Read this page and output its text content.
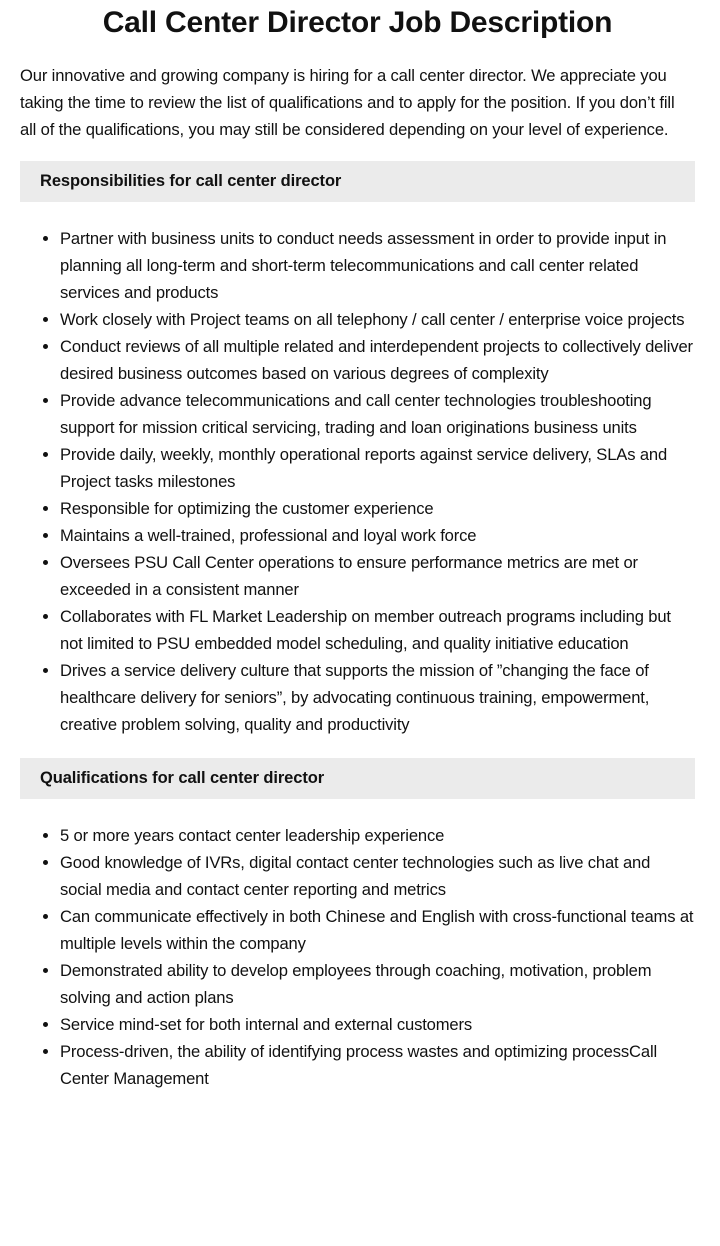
Call Center Director Job Description

Our innovative and growing company is hiring for a call center director. We appreciate you taking the time to review the list of qualifications and to apply for the position. If you don’t fill all of the qualifications, you may still be considered depending on your level of experience.

Responsibilities for call center director
• Partner with business units to conduct needs assessment in order to provide input in planning all long-term and short-term telecommunications and call center related services and products
• Work closely with Project teams on all telephony / call center / enterprise voice projects
• Conduct reviews of all multiple related and interdependent projects to collectively deliver desired business outcomes based on various degrees of complexity
• Provide advance telecommunications and call center technologies troubleshooting support for mission critical servicing, trading and loan originations business units
• Provide daily, weekly, monthly operational reports against service delivery, SLAs and Project tasks milestones
• Responsible for optimizing the customer experience
• Maintains a well-trained, professional and loyal work force
• Oversees PSU Call Center operations to ensure performance metrics are met or exceeded in a consistent manner
• Collaborates with FL Market Leadership on member outreach programs including but not limited to PSU embedded model scheduling, and quality initiative education
• Drives a service delivery culture that supports the mission of ”changing the face of healthcare delivery for seniors”, by advocating continuous training, empowerment, creative problem solving, quality and productivity
Qualifications for call center director
• 5 or more years contact center leadership experience
• Good knowledge of IVRs, digital contact center technologies such as live chat and social media and contact center reporting and metrics
• Can communicate effectively in both Chinese and English with cross-functional teams at multiple levels within the company
• Demonstrated ability to develop employees through coaching, motivation, problem solving and action plans
• Service mind-set for both internal and external customers
• Process-driven, the ability of identifying process wastes and optimizing processCall Center Management
